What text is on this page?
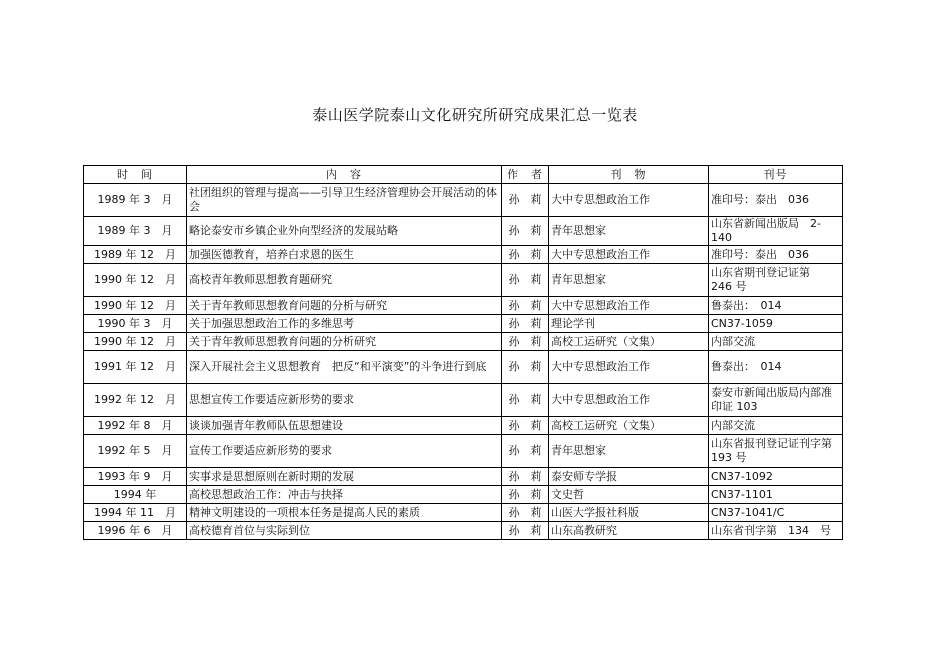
泰山医学院泰山文化研究所研究成果汇总一览表
时　间	内　容	作　者	刊　物	刊号
1989 年 3　月	社团组织的管理与提高——引导卫生经济管理协会开展活动的体会	孙　莉	大中专思想政治工作	准印号：泰出　036
1989 年 3　月	略论泰安市乡镇企业外向型经济的发展站略	孙　莉	青年思想家	山东省新闻出版局　2-140
1989 年 12　月	加强医德教育，培养白求恩的医生	孙　莉	大中专思想政治工作	准印号：泰出　036
1990 年 12　月	高校青年教师思想教育题研究	孙　莉	青年思想家	山东省期刊登记证第　246 号
1990 年 12　月	关于青年教师思想教育问题的分析与研究	孙　莉	大中专思想政治工作	鲁泰出：　014
1990 年 3　月	关于加强思想政治工作的多维思考	孙　莉	理论学刊	CN37-1059
1990 年 12　月	关于青年教师思想教育问题的分析研究	孙　莉	高校工运研究（文集）	内部交流
1991 年 12　月	深入开展社会主义思想教育　把反“和平演变”的斗争进行到底	孙　莉	大中专思想政治工作	鲁泰出：　014
1992 年 12　月	思想宣传工作要适应新形势的要求	孙　莉	大中专思想政治工作	泰安市新闻出版局内部准印证 103
1992 年 8　月	谈谈加强青年教师队伍思想建设	孙　莉	高校工运研究（文集）	内部交流
1992 年 5　月	宣传工作要适应新形势的要求	孙　莉	青年思想家	山东省报刊登记证刊字第 193 号
1993 年 9　月	实事求是思想原则在新时期的发展	孙　莉	泰安师专学报	CN37-1092
1994 年	高校思想政治工作：冲击与抉择	孙　莉	文史哲	CN37-1101
1994 年 11　月	精神文明建设的一项根本任务是提高人民的素质	孙　莉	山医大学报社科版	CN37-1041/C
1996 年 6　月	高校德育首位与实际到位	孙　莉	山东高教研究	山东省刊字第　134　号
